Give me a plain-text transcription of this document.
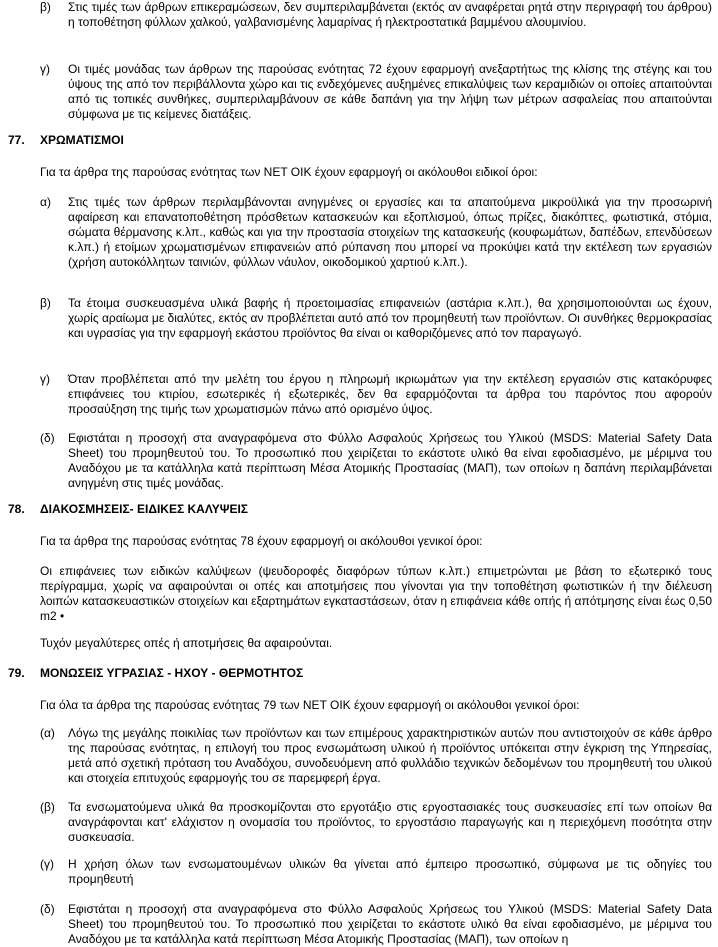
β)	Στις τιμές των άρθρων επικεραμώσεων, δεν συμπεριλαμβάνεται (εκτός αν αναφέρεται ρητά στην περιγραφή του άρθρου) η τοποθέτηση φύλλων χαλκού, γαλβανισμένης λαμαρίνας ή ηλεκτροστατικά βαμμένου αλουμινίου.
γ)	Οι τιμές μονάδας των άρθρων της παρούσας ενότητας 72 έχουν εφαρμογή ανεξαρτήτως της κλίσης της στέγης και του ύψους της από τον περιβάλλοντα χώρο και τις ενδεχόμενες αυξημένες επικαλύψεις των κεραμιδιών οι οποίες απαιτούνται από τις τοπικές συνθήκες, συμπεριλαμβάνουν σε κάθε δαπάνη για την λήψη των μέτρων ασφαλείας που απαιτούνται σύμφωνα με τις κείμενες διατάξεις.
77. ΧΡΩΜΑΤΙΣΜΟΙ
Για τα άρθρα της παρούσας ενότητας των ΝΕΤ ΟΙΚ έχουν εφαρμογή οι ακόλουθοι ειδικοί όροι:
α)	Στις τιμές των άρθρων περιλαμβάνονται ανηγμένες οι εργασίες και τα απαιτούμενα μικροϋλικά για την προσωρινή αφαίρεση και επανατοποθέτηση πρόσθετων κατασκευών και εξοπλισμού, όπως πρίζες, διακόπτες, φωτιστικά, στόμια, σώματα θέρμανσης κ.λπ., καθώς και για την προστασία στοιχείων της κατασκευής (κουφωμάτων, δαπέδων, επενδύσεων κ.λπ.) ή ετοίμων χρωματισμένων επιφανειών από ρύπανση που μπορεί να προκύψει κατά την εκτέλεση των εργασιών (χρήση αυτοκόλλητων ταινιών, φύλλων νάυλον, οικοδομικού χαρτιού κ.λπ.).
β)	Τα έτοιμα συσκευασμένα υλικά βαφής ή προετοιμασίας επιφανειών (αστάρια κ.λπ.), θα χρησιμοποιούνται ως έχουν, χωρίς αραίωμα με διαλύτες, εκτός αν προβλέπεται αυτό από τον προμηθευτή των προϊόντων. Οι συνθήκες θερμοκρασίας και υγρασίας για την εφαρμογή εκάστου προϊόντος θα είναι οι καθοριζόμενες από τον παραγωγό.
γ)	Όταν προβλέπεται από την μελέτη του έργου η πληρωμή ικριωμάτων για την εκτέλεση εργασιών στις κατακόρυφες επιφάνειες του κτιρίου, εσωτερικές ή εξωτερικές, δεν θα εφαρμόζονται τα άρθρα του παρόντος που αφορούν προσαύξηση της τιμής των χρωματισμών πάνω από ορισμένο ύψος.
(δ)	Εφιστάται η προσοχή στα αναγραφόμενα στο Φύλλο Ασφαλούς Χρήσεως του Υλικού (MSDS: Material Safety Data Sheet) του προμηθευτού του. Το προσωπικό που χειρίζεται το εκάστοτε υλικό θα είναι εφοδιασμένο, με μέριμνα του Αναδόχου με τα κατάλληλα κατά περίπτωση Μέσα Ατομικής Προστασίας (ΜΑΠ), των οποίων η δαπάνη περιλαμβάνεται ανηγμένη στις τιμές μονάδας.
78. ΔΙΑΚΟΣΜΗΣΕΙΣ- ΕΙΔΙΚΕΣ ΚΑΛΥΨΕΙΣ
Για τα άρθρα της παρούσας ενότητας 78 έχουν εφαρμογή οι ακόλουθοι γενικοί όροι:
Οι επιφάνειες των ειδικών καλύψεων (ψευδοροφές διαφόρων τύπων κ.λπ.) επιμετρώνται με βάση το εξωτερικό τους περίγραμμα, χωρίς να αφαιρούνται οι οπές και αποτμήσεις που γίνονται για την τοποθέτηση φωτιστικών ή την διέλευση λοιπών κατασκευαστικών στοιχείων και εξαρτημάτων εγκαταστάσεων, όταν η επιφάνεια κάθε οπής ή απότμησης είναι έως 0,50 m2 •
Τυχόν μεγαλύτερες οπές ή αποτμήσεις θα αφαιρούνται.
79. ΜΟΝΩΣΕΙΣ ΥΓΡΑΣΙΑΣ - ΗΧΟΥ - ΘΕΡΜΟΤΗΤΟΣ
Για όλα τα άρθρα της παρούσας ενότητας 79 των ΝΕΤ ΟΙΚ έχουν εφαρμογή οι ακόλουθοι γενικοί όροι:
(α)	Λόγω της μεγάλης ποικιλίας των προϊόντων και των επιμέρους χαρακτηριστικών αυτών που αντιστοιχούν σε κάθε άρθρο της παρούσας ενότητας, η επιλογή του προς ενσωμάτωση υλικού ή προϊόντος υπόκειται στην έγκριση της Υπηρεσίας, μετά από σχετική πρόταση του Αναδόχου, συνοδευόμενη από φυλλάδιο τεχνικών δεδομένων του προμηθευτή του υλικού και στοιχεία επιτυχούς εφαρμογής του σε παρεμφερή έργα.
(β)	Τα ενσωματούμενα υλικά θα προσκομίζονται στο εργοτάξιο στις εργοστασιακές τους συσκευασίες επί των οποίων θα αναγράφονται κατ' ελάχιστον η ονομασία του προϊόντος, το εργοστάσιο παραγωγής και η περιεχόμενη ποσότητα στην συσκευασία.
(γ)	Η χρήση όλων των ενσωματουμένων υλικών θα γίνεται από έμπειρο προσωπικό, σύμφωνα με τις οδηγίες του προμηθευτή
(δ)	Εφιστάται η προσοχή στα αναγραφόμενα στο Φύλλο Ασφαλούς Χρήσεως του Υλικού (MSDS: Material Safety Data Sheet) του προμηθευτού του. Το προσωπικό που χειρίζεται το εκάστοτε υλικό θα είναι εφοδιασμένο, με μέριμνα του Αναδόχου με τα κατάλληλα κατά περίπτωση Μέσα Ατομικής Προστασίας (ΜΑΠ), των οποίων η
